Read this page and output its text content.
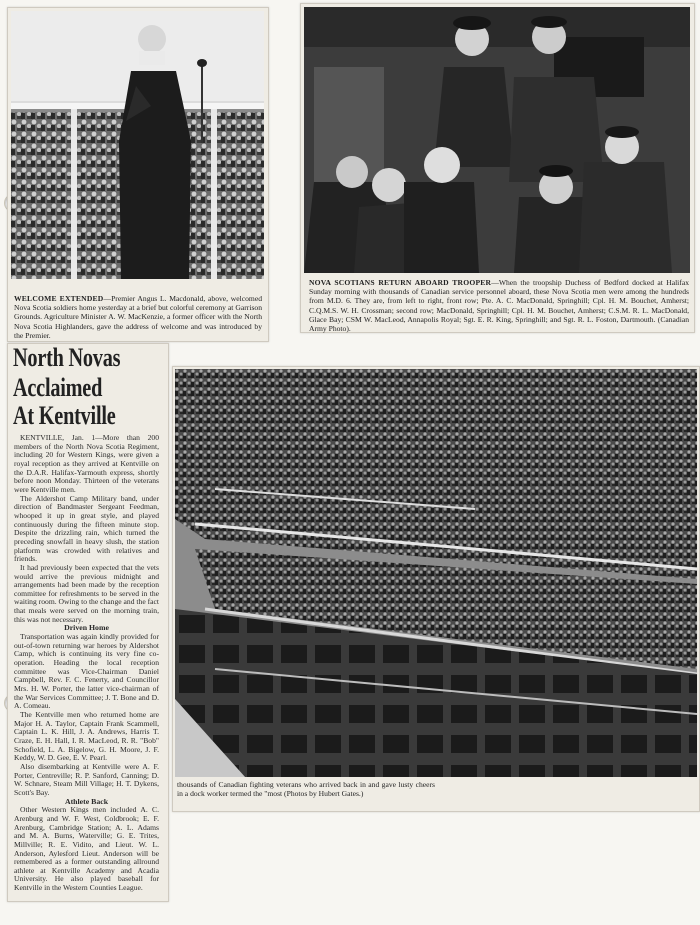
WELCOME EXTENDED—Premier Angus L. Macdonald, above, welcomed Nova Scotia soldiers home yesterday at a brief but colorful ceremony at Garrison Grounds. Agriculture Minister A. W. MacKenzie, a former officer with the North Nova Scotia Highlanders, gave the address of welcome and was introduced by the Premier.
NOVA SCOTIANS RETURN ABOARD TROOPER—When the troopship Duchess of Bedford docked at Halifax Sunday morning with thousands of Canadian service personnel aboard, these Nova Scotia men were among the hundreds from M.D. 6. They are, from left to right, front row; Pte. A. C. MacDonald, Springhill; Cpl. H. M. Bouchet, Amherst; C.Q.M.S. W. H. Crossman; second row; MacDonald, Springhill; Cpl. H. M. Bouchet, Amherst; C.S.M. R. L. MacDonald, Glace Bay; CSM W. MacLeod, Annapolis Royal; Sgt. E. R. King, Springhill; and Sgt. R. L. Foston, Dartmouth. (Canadian Army Photo).
North Novas
Acclaimed
At Kentville

KENTVILLE, Jan. 1—More than 200 members of the North Nova Scotia Regiment, including 20 for Western Kings, were given a royal reception as they arrived at Kentville on the D.A.R. Halifax-Yarmouth express, shortly before noon Monday. Thirteen of the veterans were Kentville men.

The Aldershot Camp Military band, under direction of Bandmaster Sergeant Feedman, whooped it up in great style, and played continuously during the fifteen minute stop. Despite the drizzling rain, which turned the preceding snowfall in heavy slush, the station platform was crowded with relatives and friends.

It had previously been expected that the vets would arrive the previous midnight and arrangements had been made by the reception committee for refreshments to be served in the waiting room. Owing to the change and the fact that meals were served on the morning train, this was not necessary.

Driven Home

Transportation was again kindly provided for out-of-town returning war heroes by Aldershot Camp, which is continuing its very fine co-operation. Heading the local reception committee was Vice-Chairman Daniel Campbell, Rev. F. C. Fenerty, and Councillor Mrs. H. W. Porter, the latter vice-chairman of the War Services Committee; J. T. Bone and D. A. Comeau.

The Kentville men who returned home are Major H. A. Taylor, Captain Frank Scammell, Captain L. K. Hill, J. A. Andrews, Harris T. Craze, E. H. Hall, I. R. MacLeod, R. R. "Bob" Schofield, L. A. Bigelow, G. H. Moore, J. F. Keddy, W. D. Gee, E. V. Pearl.

Also disembarking at Kentville were A. F. Porter, Centreville; R. P. Sanford, Canning; D. W. Schnare, Steam Mill Village; H. T. Dykens, Scott's Bay.

Athlete Back

Other Western Kings men included A. C. Arenburg and W. F. West, Coldbrook; E. F. Arenburg, Cambridge Station; A. L. Adams and M. A. Burns, Waterville; G. E. Trites, Millville; R. E. Vidito, and Lieut. W. L. Anderson, Aylesford Lieut. Anderson will be remembered as a former outstanding allround athlete at Kentville Academy and Acadia University. He also played baseball for Kentville in the Western Counties League.

thousands of Canadian fighting veterans who arrived back in and gave lusty cheers in a dock worker termed the "most (Photos by Hubert Gates.)
